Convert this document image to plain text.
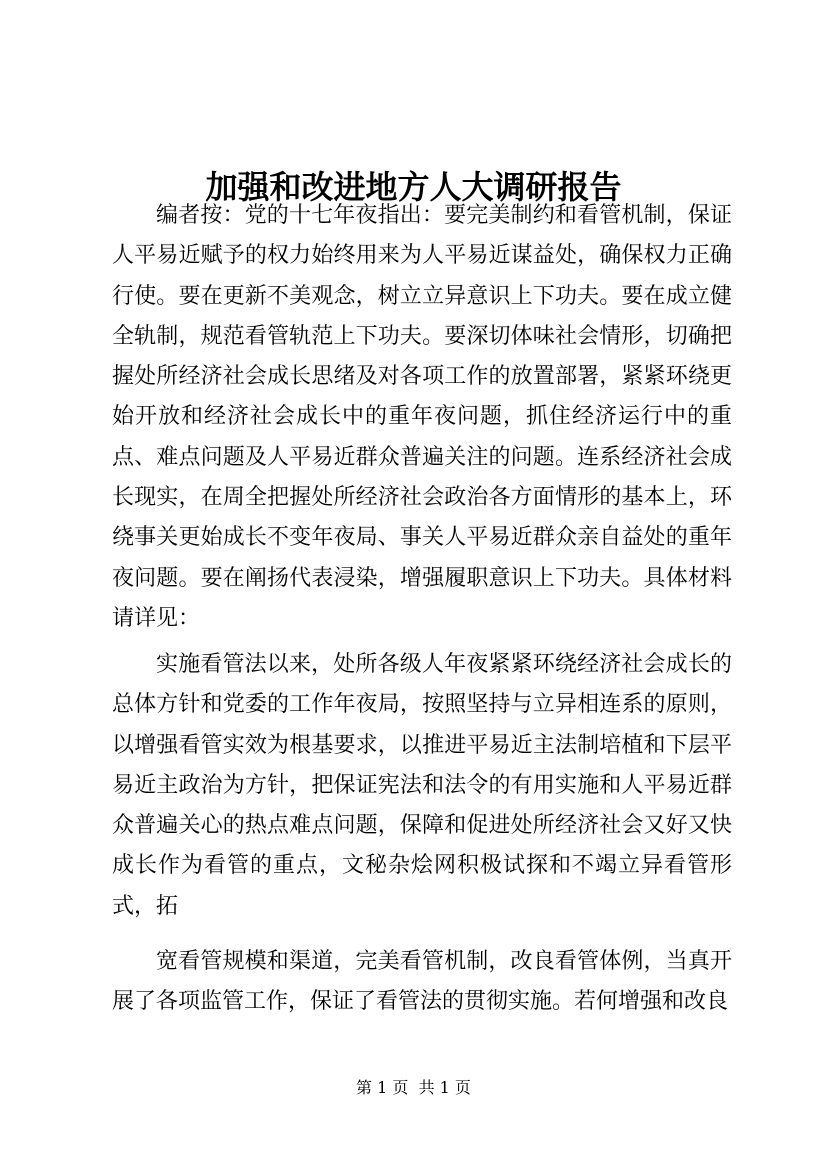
加强和改进地方人大调研报告

编者按：党的十七年夜指出：要完美制约和看管机制，保证人平易近赋予的权力始终用来为人平易近谋益处，确保权力正确行使。要在更新不美观念，树立立异意识上下功夫。要在成立健全轨制，规范看管轨范上下功夫。要深切体味社会情形，切确把握处所经济社会成长思绪及对各项工作的放置部署，紧紧环绕更始开放和经济社会成长中的重年夜问题，抓住经济运行中的重点、难点问题及人平易近群众普遍关注的问题。连系经济社会成长现实，在周全把握处所经济社会政治各方面情形的基本上，环绕事关更始成长不变年夜局、事关人平易近群众亲自益处的重年夜问题。要在阐扬代表浸染，增强履职意识上下功夫。具体材料请详见：

实施看管法以来，处所各级人年夜紧紧环绕经济社会成长的总体方针和党委的工作年夜局，按照坚持与立异相连系的原则，以增强看管实效为根基要求，以推进平易近主法制培植和下层平易近主政治为方针，把保证宪法和法令的有用实施和人平易近群众普遍关心的热点难点问题，保障和促进处所经济社会又好又快成长作为看管的重点，文秘杂烩网积极试探和不竭立异看管形式，拓

宽看管规模和渠道，完美看管机制，改良看管体例，当真开展了各项监管工作，保证了看管法的贯彻实施。若何增强和改良

第 1 页  共 1 页
